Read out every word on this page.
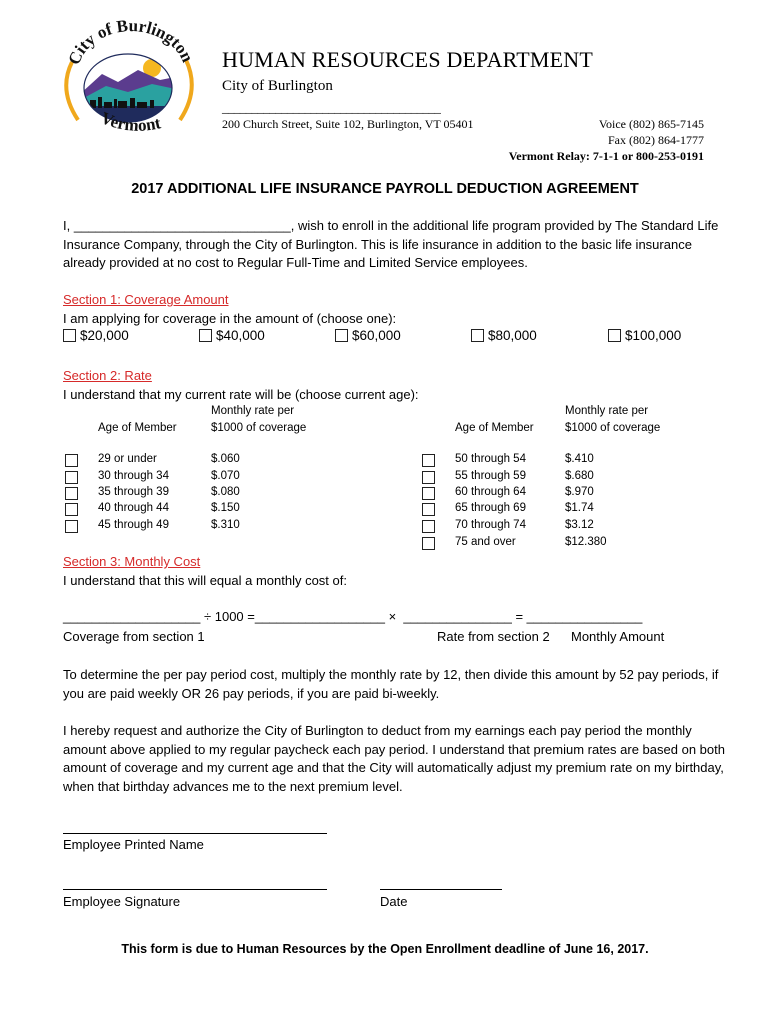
City of Burlington
Vermont
HUMAN RESOURCES DEPARTMENT
City of Burlington
_____________________________________
200 Church Street, Suite 102, Burlington, VT 05401	Voice (802) 865-7145
Fax (802) 864-1777
Vermont Relay: 7-1-1 or 800-253-0191
2017 ADDITIONAL LIFE INSURANCE PAYROLL DEDUCTION AGREEMENT
I, ______________________________, wish to enroll in the additional life program provided by The Standard Life Insurance Company, through the City of Burlington. This is life insurance in addition to the basic life insurance already provided at no cost to Regular Full-Time and Limited Service employees.
Section 1: Coverage Amount
I am applying for coverage in the amount of (choose one):
$20,000	$40,000	$60,000	$80,000	$100,000
Section 2: Rate
I understand that my current rate will be (choose current age):
Age of Member
Monthly rate per
$1000 of coverage	Age of Member
Monthly rate per
$1000 of coverage
29 or under	$.060
30 through 34	$.070
35 through 39	$.080
40 through 44	$.150
45 through 49	$.310
50 through 54	$.410
55 through 59	$.680
60 through 64	$.970
65 through 69	$1.74
70 through 74	$3.12
75 and over	$12.380
Section 3: Monthly Cost
I understand that this will equal a monthly cost of:
___________________ ÷ 1000 =__________________ ×  _______________ = ________________
Coverage from section 1	Rate from section 2 Monthly Amount
To determine the per pay period cost, multiply the monthly rate by 12, then divide this amount by 52 pay periods, if you are paid weekly OR 26 pay periods, if you are paid bi-weekly.
I hereby request and authorize the City of Burlington to deduct from my earnings each pay period the monthly amount above applied to my regular paycheck each pay period. I understand that premium rates are based on both amount of coverage and my current age and that the City will automatically adjust my premium rate on my birthday, when that birthday advances me to the next premium level.
Employee Printed Name
Employee Signature	Date
This form is due to Human Resources by the Open Enrollment deadline of June 16, 2017.
